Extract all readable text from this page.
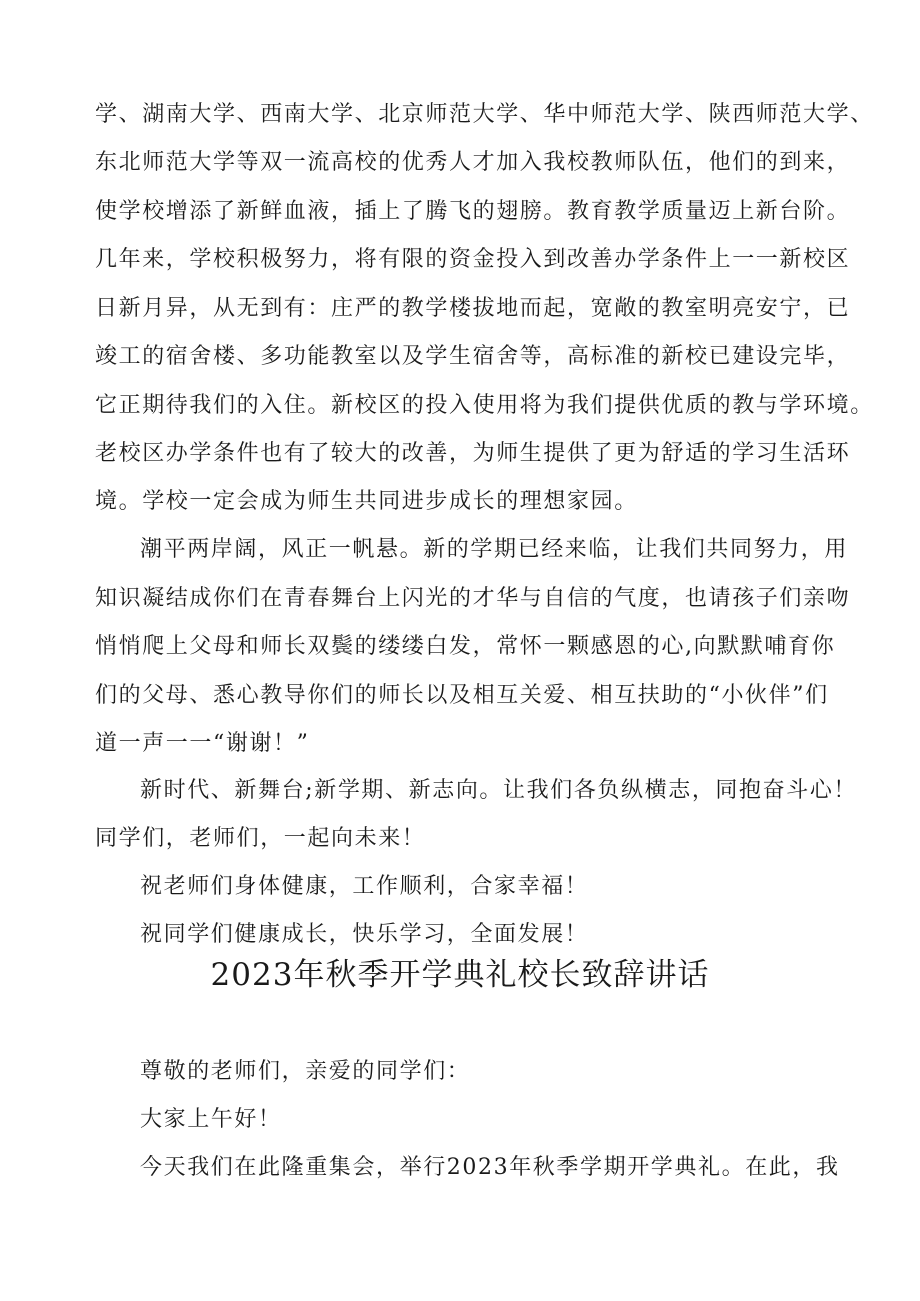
学、湖南大学、西南大学、北京师范大学、华中师范大学、陕西师范大学、
东北师范大学等双一流高校的优秀人才加入我校教师队伍，他们的到来，
使学校增添了新鲜血液，插上了腾飞的翅膀。教育教学质量迈上新台阶。
几年来，学校积极努力，将有限的资金投入到改善办学条件上一一新校区
日新月异，从无到有：庄严的教学楼拔地而起，宽敞的教室明亮安宁，已
竣工的宿舍楼、多功能教室以及学生宿舍等，高标准的新校已建设完毕，
它正期待我们的入住。新校区的投入使用将为我们提供优质的教与学环境。
老校区办学条件也有了较大的改善，为师生提供了更为舒适的学习生活环
境。学校一定会成为师生共同进步成长的理想家园。
潮平两岸阔，风正一帆悬。新的学期已经来临，让我们共同努力，用
知识凝结成你们在青春舞台上闪光的才华与自信的气度，也请孩子们亲吻
悄悄爬上父母和师长双鬓的缕缕白发，常怀一颗感恩的心,向默默哺育你
们的父母、悉心教导你们的师长以及相互关爱、相互扶助的“小伙伴”们
道一声一一“谢谢！”
新时代、新舞台;新学期、新志向。让我们各负纵横志，同抱奋斗心！
同学们，老师们，一起向未来！
祝老师们身体健康，工作顺利，合家幸福！
祝同学们健康成长，快乐学习，全面发展！
2023年秋季开学典礼校长致辞讲话
尊敬的老师们，亲爱的同学们：
大家上午好！
今天我们在此隆重集会，举行2023年秋季学期开学典礼。在此，我
